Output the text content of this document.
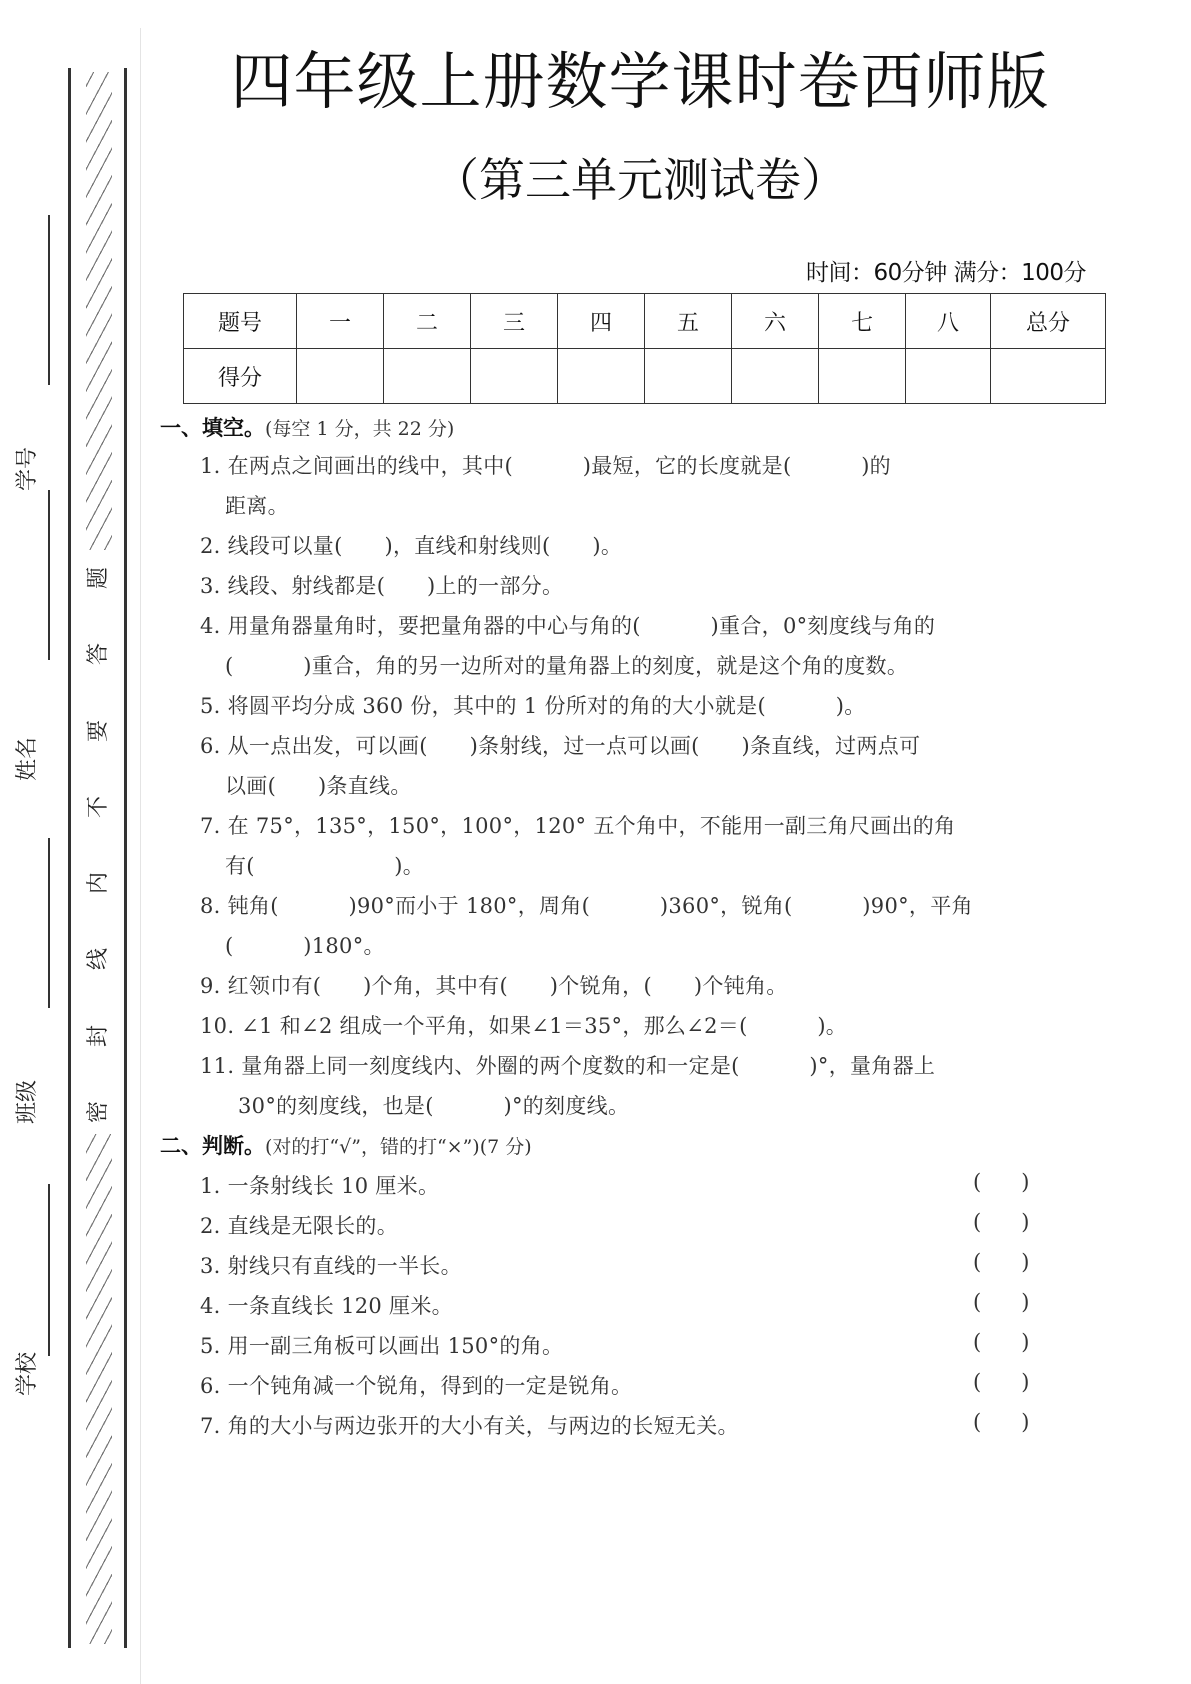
题
答
要
不
内
线
封
密
学号
姓名
班级
学校
四年级上册数学课时卷西师版
（第三单元测试卷）
时间：60分钟 满分：100分
题号	一	二	三	四	五	六	七	八	总分
得分									
一、填空。(每空 1 分，共 22 分)
1. 在两点之间画出的线中，其中(          )最短，它的长度就是(          )的
距离。
2. 线段可以量(      )，直线和射线则(      )。
3. 线段、射线都是(      )上的一部分。
4. 用量角器量角时，要把量角器的中心与角的(          )重合，0°刻度线与角的
(          )重合，角的另一边所对的量角器上的刻度，就是这个角的度数。
5. 将圆平均分成 360 份，其中的 1 份所对的角的大小就是(          )。
6. 从一点出发，可以画(      )条射线，过一点可以画(      )条直线，过两点可
以画(      )条直线。
7. 在 75°，135°，150°，100°，120° 五个角中，不能用一副三角尺画出的角
有(                    )。
8. 钝角(          )90°而小于 180°，周角(          )360°，锐角(          )90°，平角
(          )180°。
9. 红领巾有(      )个角，其中有(      )个锐角，(      )个钝角。
10. ∠1 和∠2 组成一个平角，如果∠1＝35°，那么∠2＝(          )。
11. 量角器上同一刻度线内、外圈的两个度数的和一定是(          )°，量角器上
30°的刻度线，也是(          )°的刻度线。
二、判断。(对的打“√”，错的打“×”)(7 分)
1. 一条射线长 10 厘米。	(      )
2. 直线是无限长的。	(      )
3. 射线只有直线的一半长。	(      )
4. 一条直线长 120 厘米。	(      )
5. 用一副三角板可以画出 150°的角。	(      )
6. 一个钝角减一个锐角，得到的一定是锐角。	(      )
7. 角的大小与两边张开的大小有关，与两边的长短无关。	(      )
